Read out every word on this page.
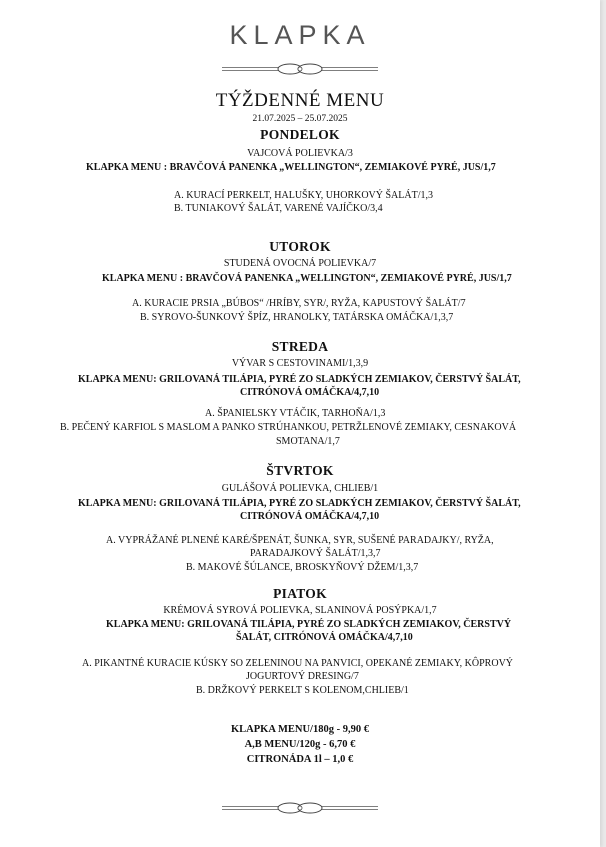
KLAPKA
TÝŽDENNÉ MENU
21.07.2025 – 25.07.2025
PONDELOK
VAJCOVÁ POLIEVKA/3
KLAPKA MENU : BRAVČOVÁ PANENKA „WELLINGTON“, ZEMIAKOVÉ PYRÉ, JUS/1,7
A. KURACÍ PERKELT, HALUŠKY, UHORKOVÝ ŠALÁT/1,3
B. TUNIAKOVÝ ŠALÁT, VARENÉ VAJÍČKO/3,4
UTOROK
STUDENÁ OVOCNÁ POLIEVKA/7
KLAPKA MENU : BRAVČOVÁ PANENKA „WELLINGTON“, ZEMIAKOVÉ PYRÉ, JUS/1,7
A. KURACIE PRSIA „BÚBOS“ /HRÍBY, SYR/, RYŽA, KAPUSTOVÝ ŠALÁT/7
B. SYROVO-ŠUNKOVÝ ŠPÍZ, HRANOLKY, TATÁRSKA OMÁČKA/1,3,7
STREDA
VÝVAR S CESTOVINAMI/1,3,9
KLAPKA MENU: GRILOVANÁ TILÁPIA, PYRÉ ZO SLADKÝCH ZEMIAKOV, ČERSTVÝ ŠALÁT,
CITRÓNOVÁ OMÁČKA/4,7,10
A. ŠPANIELSKY VTÁČIK, TARHOŇA/1,3
B. PEČENÝ KARFIOL S MASLOM A PANKO STRÚHANKOU, PETRŽLENOVÉ ZEMIAKY, CESNAKOVÁ
SMOTANA/1,7
ŠTVRTOK
GULÁŠOVÁ POLIEVKA, CHLIEB/1
KLAPKA MENU: GRILOVANÁ TILÁPIA, PYRÉ ZO SLADKÝCH ZEMIAKOV, ČERSTVÝ ŠALÁT,
CITRÓNOVÁ OMÁČKA/4,7,10
A. VYPRÁŽANÉ PLNENÉ KARÉ/ŠPENÁT, ŠUNKA, SYR, SUŠENÉ PARADAJKY/, RYŽA,
PARADAJKOVÝ ŠALÁT/1,3,7
B. MAKOVÉ ŠÚLANCE, BROSKYŇOVÝ DŽEM/1,3,7
PIATOK
KRÉMOVÁ SYROVÁ POLIEVKA, SLANINOVÁ POSÝPKA/1,7
KLAPKA MENU: GRILOVANÁ TILÁPIA, PYRÉ ZO SLADKÝCH ZEMIAKOV, ČERSTVÝ
ŠALÁT, CITRÓNOVÁ OMÁČKA/4,7,10
A. PIKANTNÉ KURACIE KÚSKY SO ZELENINOU NA PANVICI, OPEKANÉ ZEMIAKY, KÔPROVÝ
JOGURTOVÝ DRESING/7
B. DRŽKOVÝ PERKELT S KOLENOM,CHLIEB/1
KLAPKA MENU/180g - 9,90 €
A,B MENU/120g - 6,70 €
CITRONÁDA 1l – 1,0 €
